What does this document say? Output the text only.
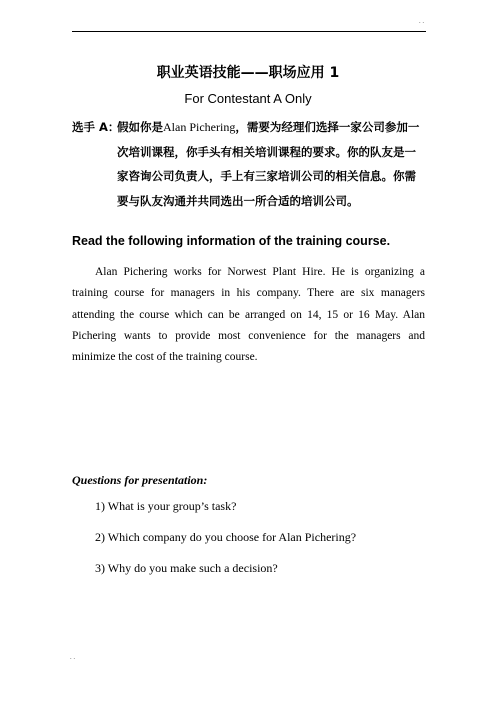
. .
职业英语技能——职场应用 1
For Contestant A Only
选手 A：假如你是Alan Pichering，需要为经理们选择一家公司参加一
次培训课程，你手头有相关培训课程的要求。你的队友是一
家咨询公司负责人，手上有三家培训公司的相关信息。你需
要与队友沟通并共同选出一所合适的培训公司。
Read the following information of the training course.

Alan Pichering works for Norwest Plant Hire. He is organizing a training course for managers in his company. There are six managers attending the course which can be arranged on 14, 15 or 16 May. Alan Pichering wants to provide most convenience for the managers and minimize the cost of the training course.

Questions for presentation:
1) What is your group’s task?
2) Which company do you choose for Alan Pichering?
3) Why do you make such a decision?
. .
